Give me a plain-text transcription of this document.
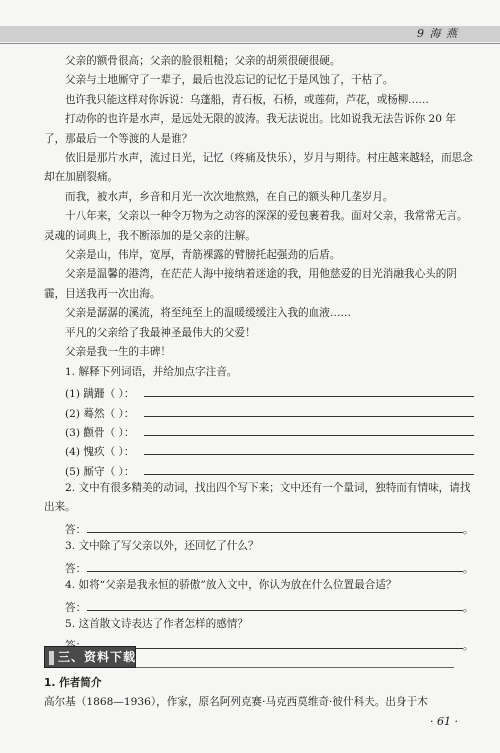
9 海 燕

父亲的额骨很高；父亲的脸很粗糙；父亲的胡须很硬很硬。

父亲与土地厮守了一辈子，最后也没忘记的记忆于是风蚀了，干枯了。

也许我只能这样对你诉说：乌蓬船，青石板，石桥，或莲荷，芦花，或杨柳……

打动你的也许是水声，是远处无限的波涛。我无法说出。比如说我无法告诉你 20 年了，那最后一个等渡的人是谁？

依旧是那片水声，流过日光，记忆（疼痛及快乐），岁月与期待。村庄越来越轻，而思念却在加剧裂痛。

而我，被水声，乡音和月光一次次地熬熟，在自己的额头种几垄岁月。

十八年来，父亲以一种令万物为之动容的深深的爱包裹着我。面对父亲，我常常无言。灵魂的词典上，我不断添加的是父亲的注解。

父亲是山，伟岸，宽厚，青筋裸露的臂膀托起强劲的后盾。

父亲是温馨的港湾，在茫茫人海中接纳着迷途的我，用他慈爱的目光消融我心头的阴霾，目送我再一次出海。

父亲是潺潺的溪流，将至纯至上的温暖缓缓注入我的血液……

平凡的父亲给了我最神圣最伟大的父爱！

父亲是我一生的丰碑！

1. 解释下列词语，并给加点字注音。

(1) 蹒跚（ ）：
(2) 蓦然（ ）：
(3) 颧骨（ ）：
(4) 愧疚（ ）：
(5) 厮守（ ）：

2. 文中有很多精美的动词，找出四个写下来；文中还有一个量词，独特而有情味，请找出来。

答：	。

3. 文中除了写父亲以外，还回忆了什么？

答：	。

4. 如将“父亲是我永恒的骄傲”放入文中，你认为放在什么位置最合适？

答：	。

5. 这首散文诗表达了作者怎样的感情？

。
三、资料下载
1. 作者简介
高尔基（1868—1936），作家，原名阿列克赛·马克西莫维奇·彼什科夫。出身于木
· 61 ·
